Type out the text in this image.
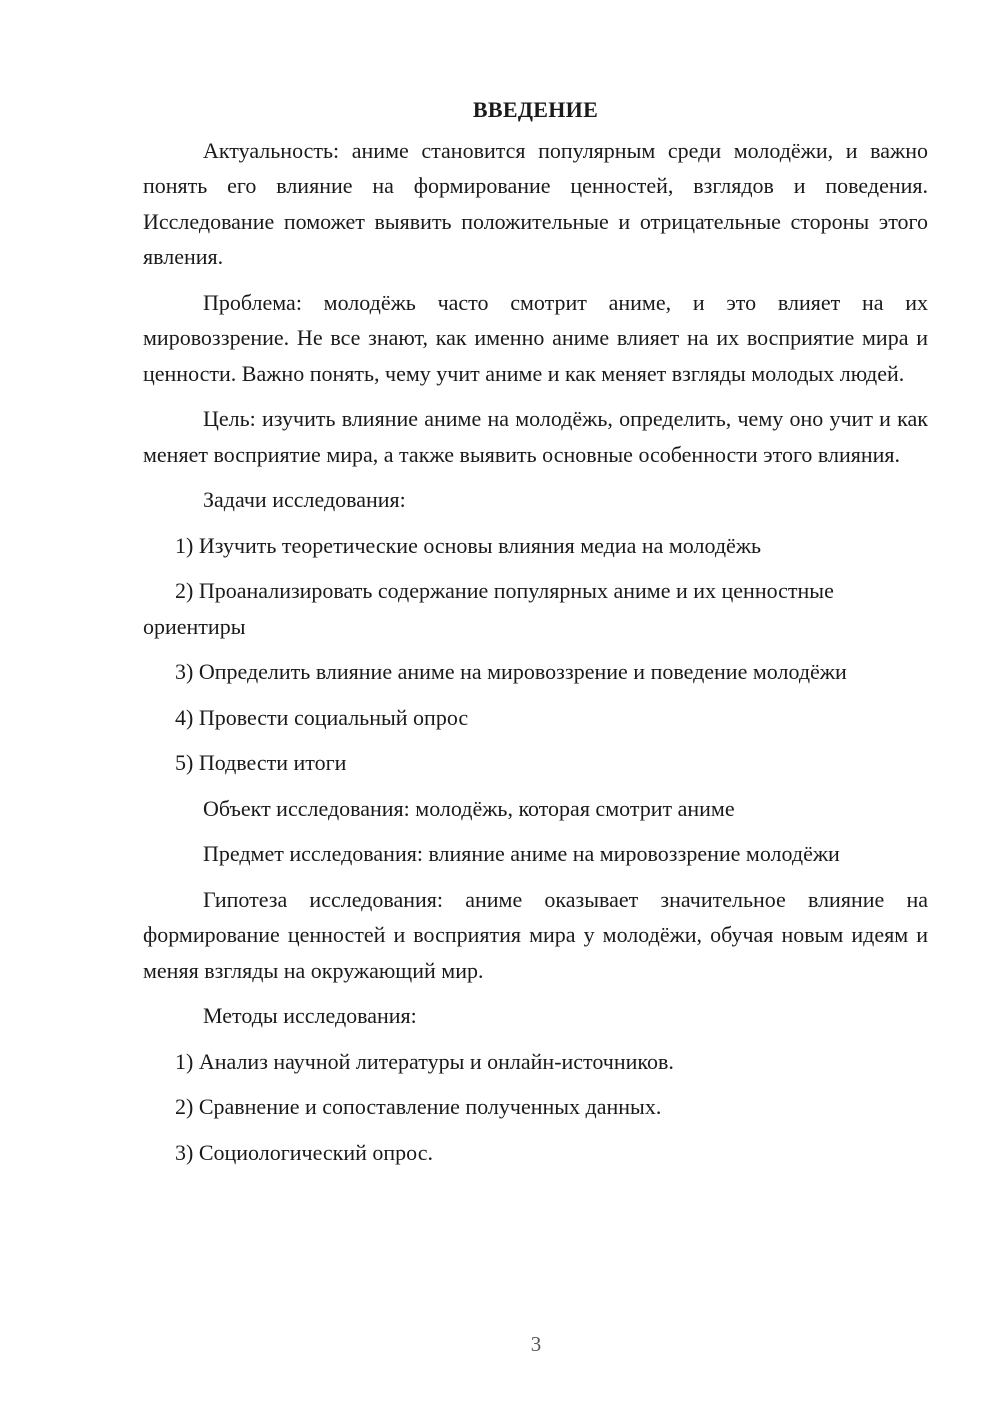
ВВЕДЕНИЕ

Актуальность: аниме становится популярным среди молодёжи, и важно понять его влияние на формирование ценностей, взглядов и поведения. Исследование поможет выявить положительные и отрицательные стороны этого явления.

Проблема: молодёжь часто смотрит аниме, и это влияет на их мировоззрение. Не все знают, как именно аниме влияет на их восприятие мира и ценности. Важно понять, чему учит аниме и как меняет взгляды молодых людей.

Цель: изучить влияние аниме на молодёжь, определить, чему оно учит и как меняет восприятие мира, а также выявить основные особенности этого влияния.

Задачи исследования:

1) Изучить теоретические основы влияния медиа на молодёжь

2) Проанализировать содержание популярных аниме и их ценностные ориентиры

3) Определить влияние аниме на мировоззрение и поведение молодёжи

4) Провести социальный опрос

5) Подвести итоги

Объект исследования: молодёжь, которая смотрит аниме

Предмет исследования: влияние аниме на мировоззрение молодёжи

Гипотеза исследования: аниме оказывает значительное влияние на формирование ценностей и восприятия мира у молодёжи, обучая новым идеям и меняя взгляды на окружающий мир.

Методы исследования:

1) Анализ научной литературы и онлайн-источников.

2) Сравнение и сопоставление полученных данных.

3) Социологический опрос.

3
